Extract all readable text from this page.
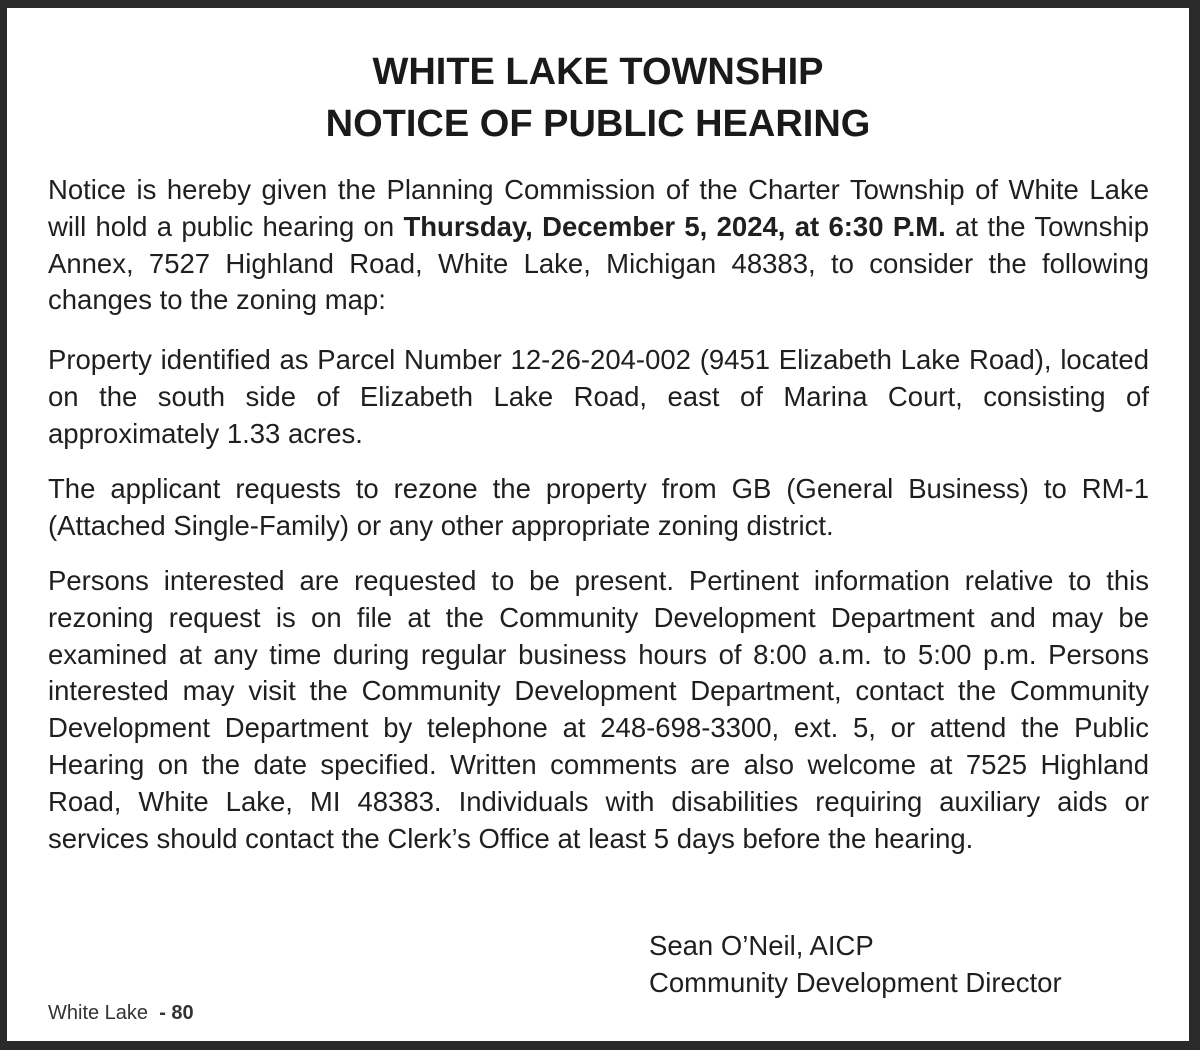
WHITE LAKE TOWNSHIP
NOTICE OF PUBLIC HEARING

Notice is hereby given the Planning Commission of the Charter Township of White Lake will hold a public hearing on Thursday, December 5, 2024, at 6:30 P.M. at the Township Annex, 7527 Highland Road, White Lake, Michigan 48383, to consider the following changes to the zoning map:

Property identified as Parcel Number 12-26-204-002 (9451 Elizabeth Lake Road), located on the south side of Elizabeth Lake Road, east of Marina Court, consisting of approximately 1.33 acres.

The applicant requests to rezone the property from GB (General Business) to RM-1 (Attached Single-Family) or any other appropriate zoning district.

Persons interested are requested to be present. Pertinent information relative to this rezoning request is on file at the Community Development Department and may be examined at any time during regular business hours of 8:00 a.m. to 5:00 p.m. Persons interested may visit the Community Development Department, contact the Community Development Department by telephone at 248-698-3300, ext. 5, or attend the Public Hearing on the date specified. Written comments are also welcome at 7525 Highland Road, White Lake, MI 48383. Individuals with disabilities requiring auxiliary aids or services should contact the Clerk’s Office at least 5 days before the hearing.

Sean O’Neil, AICP
Community Development Director
White Lake - 80
